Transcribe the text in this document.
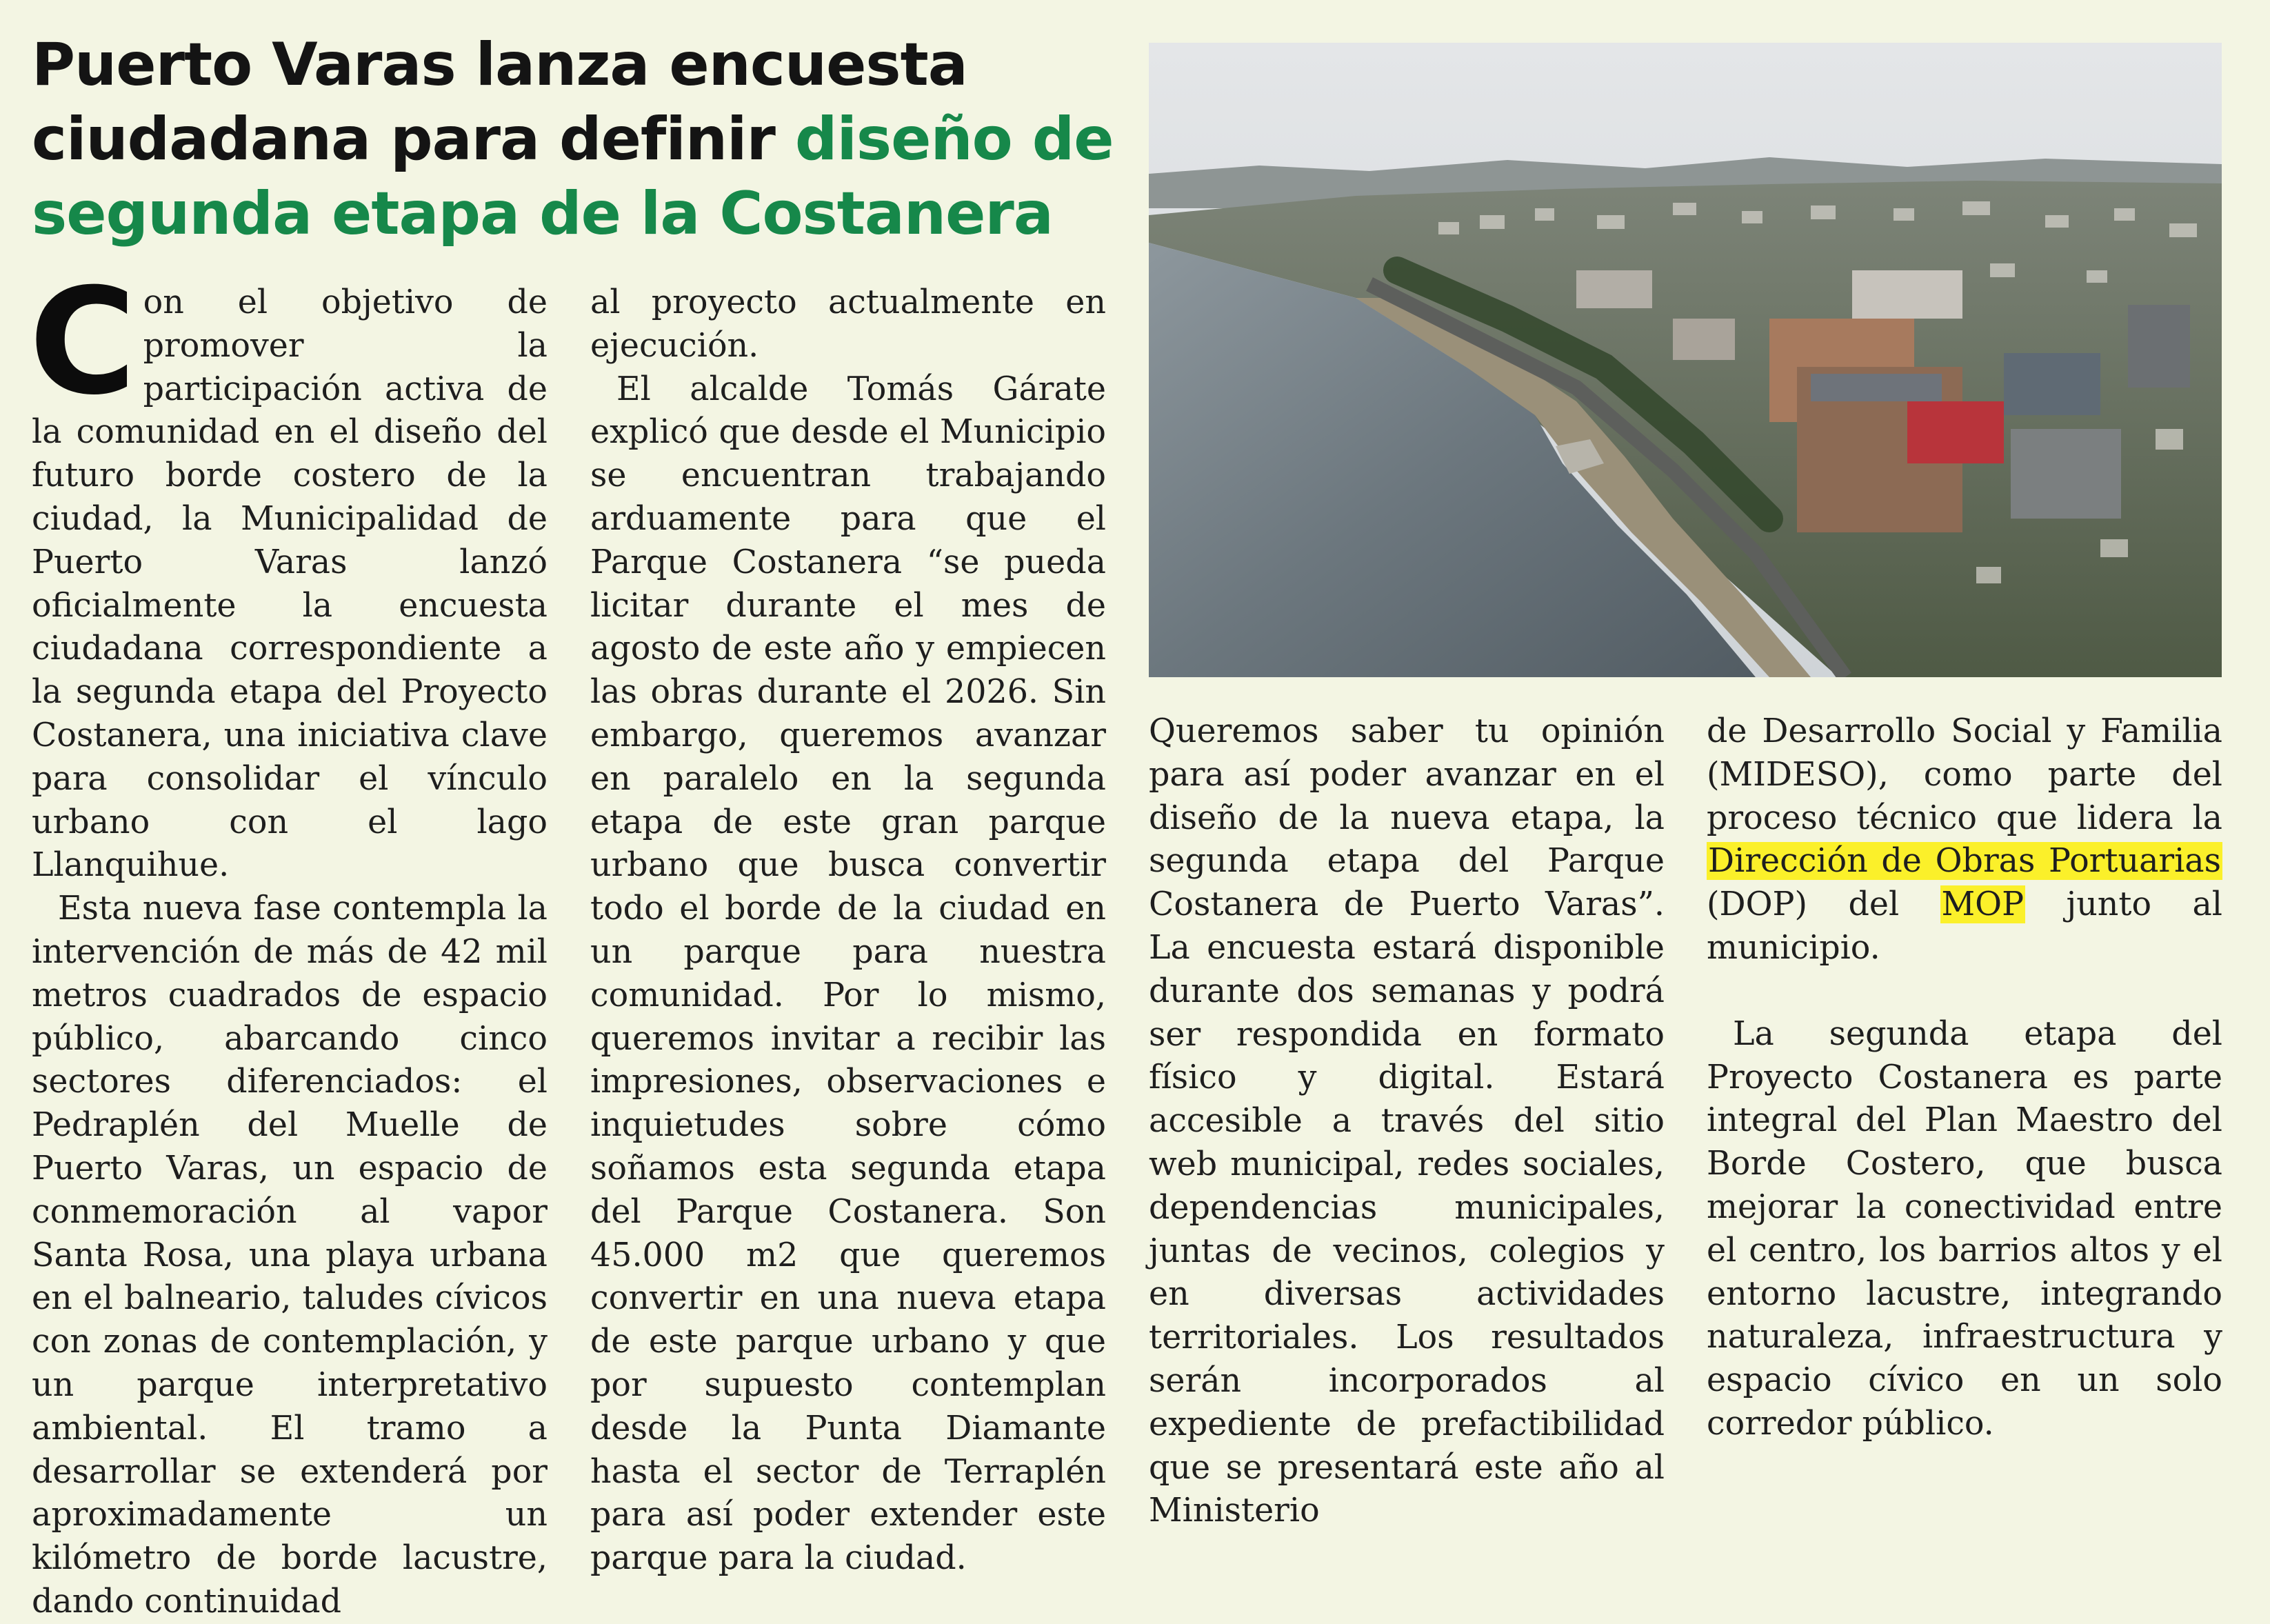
Puerto Varas lanza encuesta ciudadana para definir diseño de segunda etapa de la Costanera

Con el objetivo de promover la participación activa de la comunidad en el diseño del futuro borde costero de la ciudad, la Municipalidad de Puerto Varas lanzó oficialmente la encuesta ciudadana correspondiente a la segunda etapa del Proyecto Costanera, una iniciativa clave para consolidar el vínculo urbano con el lago Llanquihue.

Esta nueva fase contempla la intervención de más de 42 mil metros cuadrados de espacio público, abarcando cinco sectores diferenciados: el Pedraplén del Muelle de Puerto Varas, un espacio de conmemoración al vapor Santa Rosa, una playa urbana en el balneario, taludes cívicos con zonas de contemplación, y un parque interpretativo ambiental. El tramo a desarrollar se extenderá por aproximadamente un kilómetro de borde lacustre, dando continuidad

al proyecto actualmente en ejecución.

El alcalde Tomás Gárate explicó que desde el Municipio se encuentran trabajando arduamente para que el Parque Costanera “se pueda licitar durante el mes de agosto de este año y empiecen las obras durante el 2026. Sin embargo, queremos avanzar en paralelo en la segunda etapa de este gran parque urbano que busca convertir todo el borde de la ciudad en un parque para nuestra comunidad. Por lo mismo, queremos invitar a recibir las impresiones, observaciones e inquietudes sobre cómo soñamos esta segunda etapa del Parque Costanera. Son 45.000 m2 que queremos convertir en una nueva etapa de este parque urbano y que por supuesto contemplan desde la Punta Diamante hasta el sector de Terraplén para así poder extender este parque para la ciudad.

Queremos saber tu opinión para así poder avanzar en el diseño de la nueva etapa, la segunda etapa del Parque Costanera de Puerto Varas”. La encuesta estará disponible durante dos semanas y podrá ser respondida en formato físico y digital. Estará accesible a través del sitio web municipal, redes sociales, dependencias municipales, juntas de vecinos, colegios y en diversas actividades territoriales. Los resultados serán incorporados al expediente de prefactibilidad que se presentará este año al Ministerio

de Desarrollo Social y Familia (MIDESO), como parte del proceso técnico que lidera la Dirección de Obras Portuarias (DOP) del MOP junto al municipio.

La segunda etapa del Proyecto Costanera es parte integral del Plan Maestro del Borde Costero, que busca mejorar la conectividad entre el centro, los barrios altos y el entorno lacustre, integrando naturaleza, infraestructura y espacio cívico en un solo corredor público.
